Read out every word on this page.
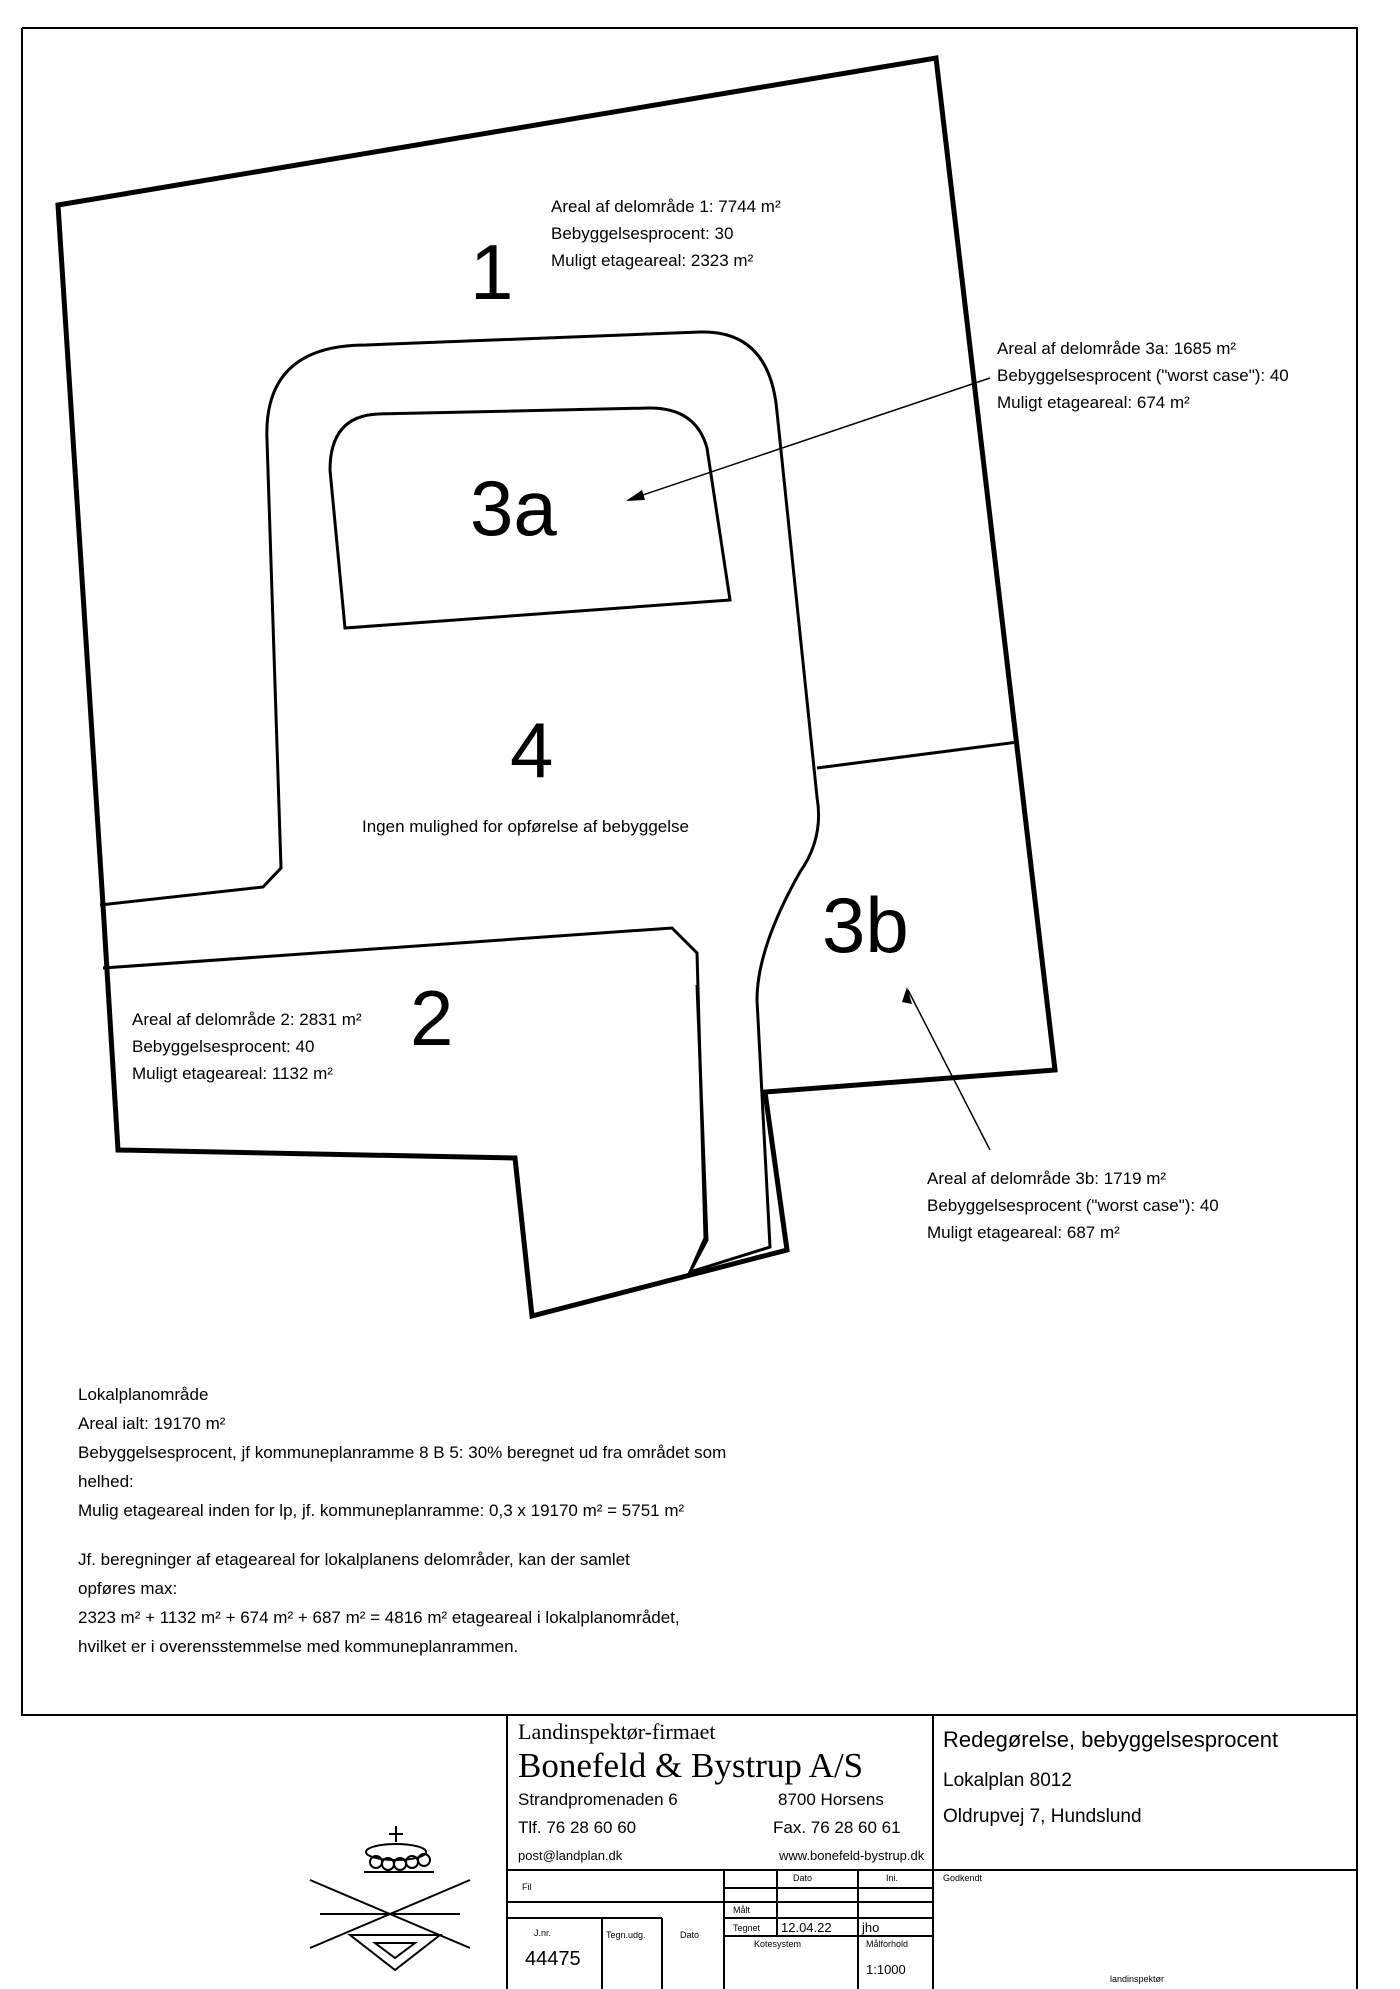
1
Areal af delområde 1: 7744 m²
Bebyggelsesprocent: 30
Muligt etageareal: 2323 m²
3a
Areal af delområde 3a: 1685 m²
Bebyggelsesprocent ("worst case"): 40
Muligt etageareal: 674 m²
4
Ingen mulighed for opførelse af bebyggelse
3b
Areal af delområde 3b: 1719 m²
Bebyggelsesprocent ("worst case"): 40
Muligt etageareal: 687 m²
2
Areal af delområde 2: 2831 m²
Bebyggelsesprocent: 40
Muligt etageareal: 1132 m²
Lokalplanområde
Areal ialt: 19170 m²
Bebyggelsesprocent, jf kommuneplanramme 8 B 5: 30% beregnet ud fra området som
helhed:
Mulig etageareal inden for lp, jf. kommuneplanramme: 0,3 x 19170 m² = 5751 m²
Jf. beregninger af etageareal for lokalplanens delområder, kan der samlet
opføres max:
2323 m² + 1132 m² + 674 m² + 687 m² = 4816 m² etageareal i lokalplanområdet,
hvilket er i overensstemmelse med kommuneplanrammen.
Landinspektør-firmaet
Bonefeld & Bystrup A/S
Strandpromenaden 6	8700 Horsens
Tlf. 76 28 60 60	Fax. 76 28 60 61
post@landplan.dk	www.bonefeld-bystrup.dk
Redegørelse, bebyggelsesprocent
Lokalplan 8012
Oldrupvej 7, Hundslund
Fil
Dato	Ini.
Målt
Tegnet 12.04.22 jho
J.nr.
44475
Tegn.udg.	Dato
Kotesystem	Målforhold
1:1000
Godkendt
landinspektør
